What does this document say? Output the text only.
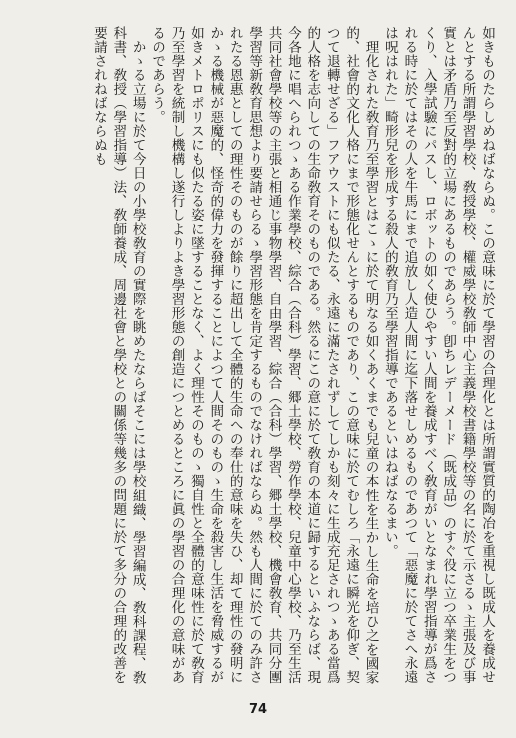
如きものたらしめねばならぬ。この意味に於て學習の合理化とは所謂實質的陶冶を重視し既成人を養成せんとする所謂學習學校、敎授學校、權威學校敎師中心主義學校書籍學校等の名に於て示さるゝ主張及び事實とは矛盾乃至反對的立場にあるものであらう。卽ちレデーメード（既成品）のすぐ役に立つ卒業生をつくり、入學試驗にパスし、ロボットの如く使ひやすい人間を養成すべく敎育がいとなまれ學習指導が爲される時に於てはその人を牛馬にまで追放し人造人間に迄下落せしめるものであつて「惡魔に於てさへ永遠は呪はれた」畸形兒を形成する殺人的敎育乃至學習指導であるといはねばなるまい。

理化された敎育乃至學習とはこゝに於て明なる如くあくまでも兒童の本性を生かし生命を培ひ之を國家的、社會的文化人格にまで形態化せんとするものであり、この意味に於てむしろ「永遠に瞬光を仰ぎ、契つて退轉せざる」フアウストにも似たる、永遠に滿たされずしてしかも刻々に生成充足されつゝある當爲的人格を志向しての生命敎育そのものである。然るにこの意に於て敎育の本道に歸するといふならば、現今各地に唱へられつゝある作業學校、綜合（合科）學習、郷土學校、勞作學校、兒童中心學校、乃至生活共同社會學校等の主張と相通じ事物學習、自由學習、綜合（合科）學習、郷土學校、機會敎育、共同分團學習等新敎育思想より要請せらるゝ學習形態を肯定するものでなければならぬ。然も人間に於てのみ許されたる恩惠としての理性そのものが餘りに超出して全體的生命への奉仕的意味を失ひ、却て理性の發明にかゝる機械が惡魔的、怪奇的偉力を發揮することによつて人間そのものゝ生命を殺害し生活を脅威するが如きメトロポリスにも似たる姿に墜することなく、よく理性そのものゝ獨自性と全體的意味性に於て敎育乃至學習を統制し機構し遂行しよりよき學習形態の創造につとめるところに眞の學習の合理化の意味があるのであらう。

かゝる立場に於て今日の小學校敎育の實際を眺めたならばそこには學校組織、學習編成、敎科課程、敎科書、敎授（學習指導）法、敎師養成、周邊社會と學校との關係等幾多の問題に於て多分の合理的改善を要請されねばならぬも

74
